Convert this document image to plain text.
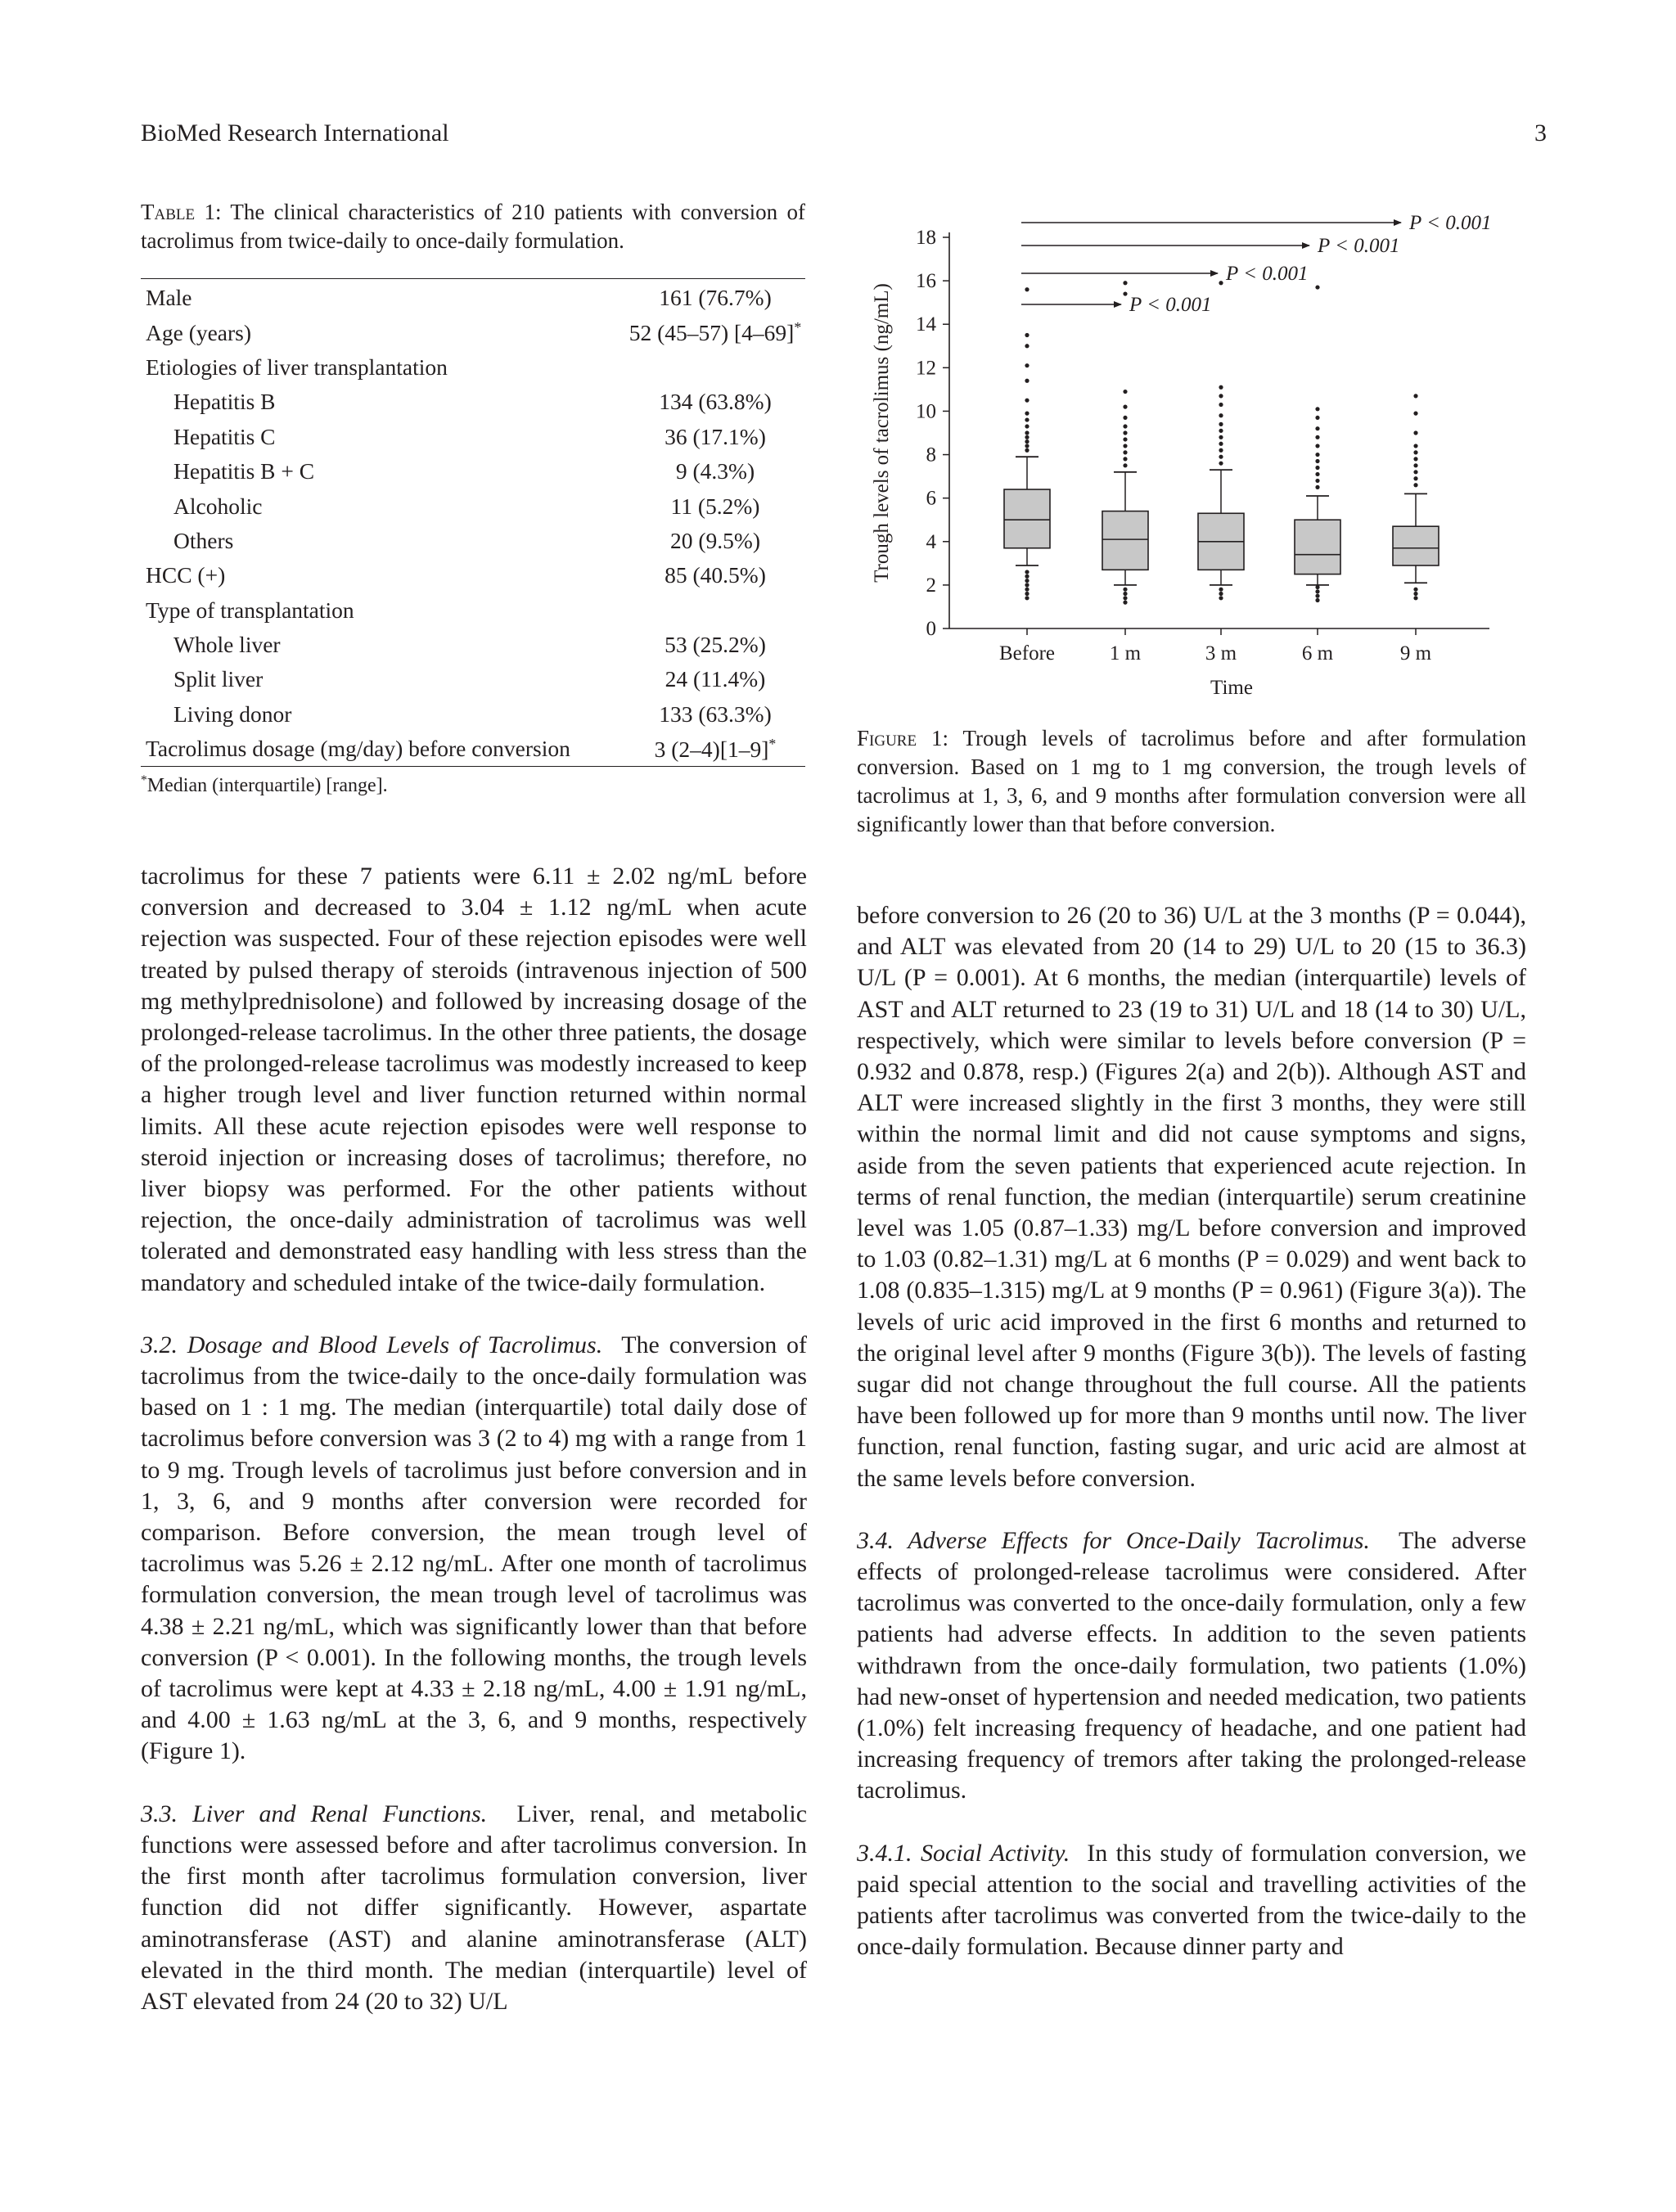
BioMed Research International	3

Table 1: The clinical characteristics of 210 patients with conversion of tacrolimus from twice-daily to once-daily formulation.

Male	161 (76.7%)
Age (years)	52 (45–57) [4–69]*
Etiologies of liver transplantation	
Hepatitis B	134 (63.8%)
Hepatitis C	36 (17.1%)
Hepatitis B + C	9 (4.3%)
Alcoholic	11 (5.2%)
Others	20 (9.5%)
HCC (+)	85 (40.5%)
Type of transplantation	
Whole liver	53 (25.2%)
Split liver	24 (11.4%)
Living donor	133 (63.3%)
Tacrolimus dosage (mg/day) before conversion	3 (2–4)[1–9]*
*Median (interquartile) [range].
0
2
4
6
8
10
12
14
16
18
Trough levels of tacrolimus (ng/mL)
Before	1 m	3 m	6 m	9 m
Time
P < 0.001
P < 0.001
P < 0.001
P < 0.001
Figure 1: Trough levels of tacrolimus before and after formulation conversion. Based on 1 mg to 1 mg conversion, the trough levels of tacrolimus at 1, 3, 6, and 9 months after formulation conversion were all significantly lower than that before conversion.

tacrolimus for these 7 patients were 6.11 ± 2.02 ng/mL before conversion and decreased to 3.04 ± 1.12 ng/mL when acute rejection was suspected. Four of these rejection episodes were well treated by pulsed therapy of steroids (intravenous injection of 500 mg methylprednisolone) and followed by increasing dosage of the prolonged-release tacrolimus. In the other three patients, the dosage of the prolonged-release tacrolimus was modestly increased to keep a higher trough level and liver function returned within normal limits. All these acute rejection episodes were well response to steroid injection or increasing doses of tacrolimus; therefore, no liver biopsy was performed. For the other patients without rejection, the once-daily administration of tacrolimus was well tolerated and demonstrated easy handling with less stress than the mandatory and scheduled intake of the twice-daily formulation.

3.2. Dosage and Blood Levels of Tacrolimus. The conversion of tacrolimus from the twice-daily to the once-daily formulation was based on 1 : 1 mg. The median (interquartile) total daily dose of tacrolimus before conversion was 3 (2 to 4) mg with a range from 1 to 9 mg. Trough levels of tacrolimus just before conversion and in 1, 3, 6, and 9 months after conversion were recorded for comparison. Before conversion, the mean trough level of tacrolimus was 5.26 ± 2.12 ng/mL. After one month of tacrolimus formulation conversion, the mean trough level of tacrolimus was 4.38 ± 2.21 ng/mL, which was significantly lower than that before conversion (P < 0.001). In the following months, the trough levels of tacrolimus were kept at 4.33 ± 2.18 ng/mL, 4.00 ± 1.91 ng/mL, and 4.00 ± 1.63 ng/mL at the 3, 6, and 9 months, respectively (Figure 1).

3.3. Liver and Renal Functions. Liver, renal, and metabolic functions were assessed before and after tacrolimus conversion. In the first month after tacrolimus formulation conversion, liver function did not differ significantly. However, aspartate aminotransferase (AST) and alanine aminotransferase (ALT) elevated in the third month. The median (interquartile) level of AST elevated from 24 (20 to 32) U/L

before conversion to 26 (20 to 36) U/L at the 3 months (P = 0.044), and ALT was elevated from 20 (14 to 29) U/L to 20 (15 to 36.3) U/L (P = 0.001). At 6 months, the median (interquartile) levels of AST and ALT returned to 23 (19 to 31) U/L and 18 (14 to 30) U/L, respectively, which were similar to levels before conversion (P = 0.932 and 0.878, resp.) (Figures 2(a) and 2(b)). Although AST and ALT were increased slightly in the first 3 months, they were still within the normal limit and did not cause symptoms and signs, aside from the seven patients that experienced acute rejection. In terms of renal function, the median (interquartile) serum creatinine level was 1.05 (0.87–1.33) mg/L before conversion and improved to 1.03 (0.82–1.31) mg/L at 6 months (P = 0.029) and went back to 1.08 (0.835–1.315) mg/L at 9 months (P = 0.961) (Figure 3(a)). The levels of uric acid improved in the first 6 months and returned to the original level after 9 months (Figure 3(b)). The levels of fasting sugar did not change throughout the full course. All the patients have been followed up for more than 9 months until now. The liver function, renal function, fasting sugar, and uric acid are almost at the same levels before conversion.

3.4. Adverse Effects for Once-Daily Tacrolimus. The adverse effects of prolonged-release tacrolimus were considered. After tacrolimus was converted to the once-daily formulation, only a few patients had adverse effects. In addition to the seven patients withdrawn from the once-daily formulation, two patients (1.0%) had new-onset of hypertension and needed medication, two patients (1.0%) felt increasing frequency of headache, and one patient had increasing frequency of tremors after taking the prolonged-release tacrolimus.

3.4.1. Social Activity. In this study of formulation conversion, we paid special attention to the social and travelling activities of the patients after tacrolimus was converted from the twice-daily to the once-daily formulation. Because dinner party and
